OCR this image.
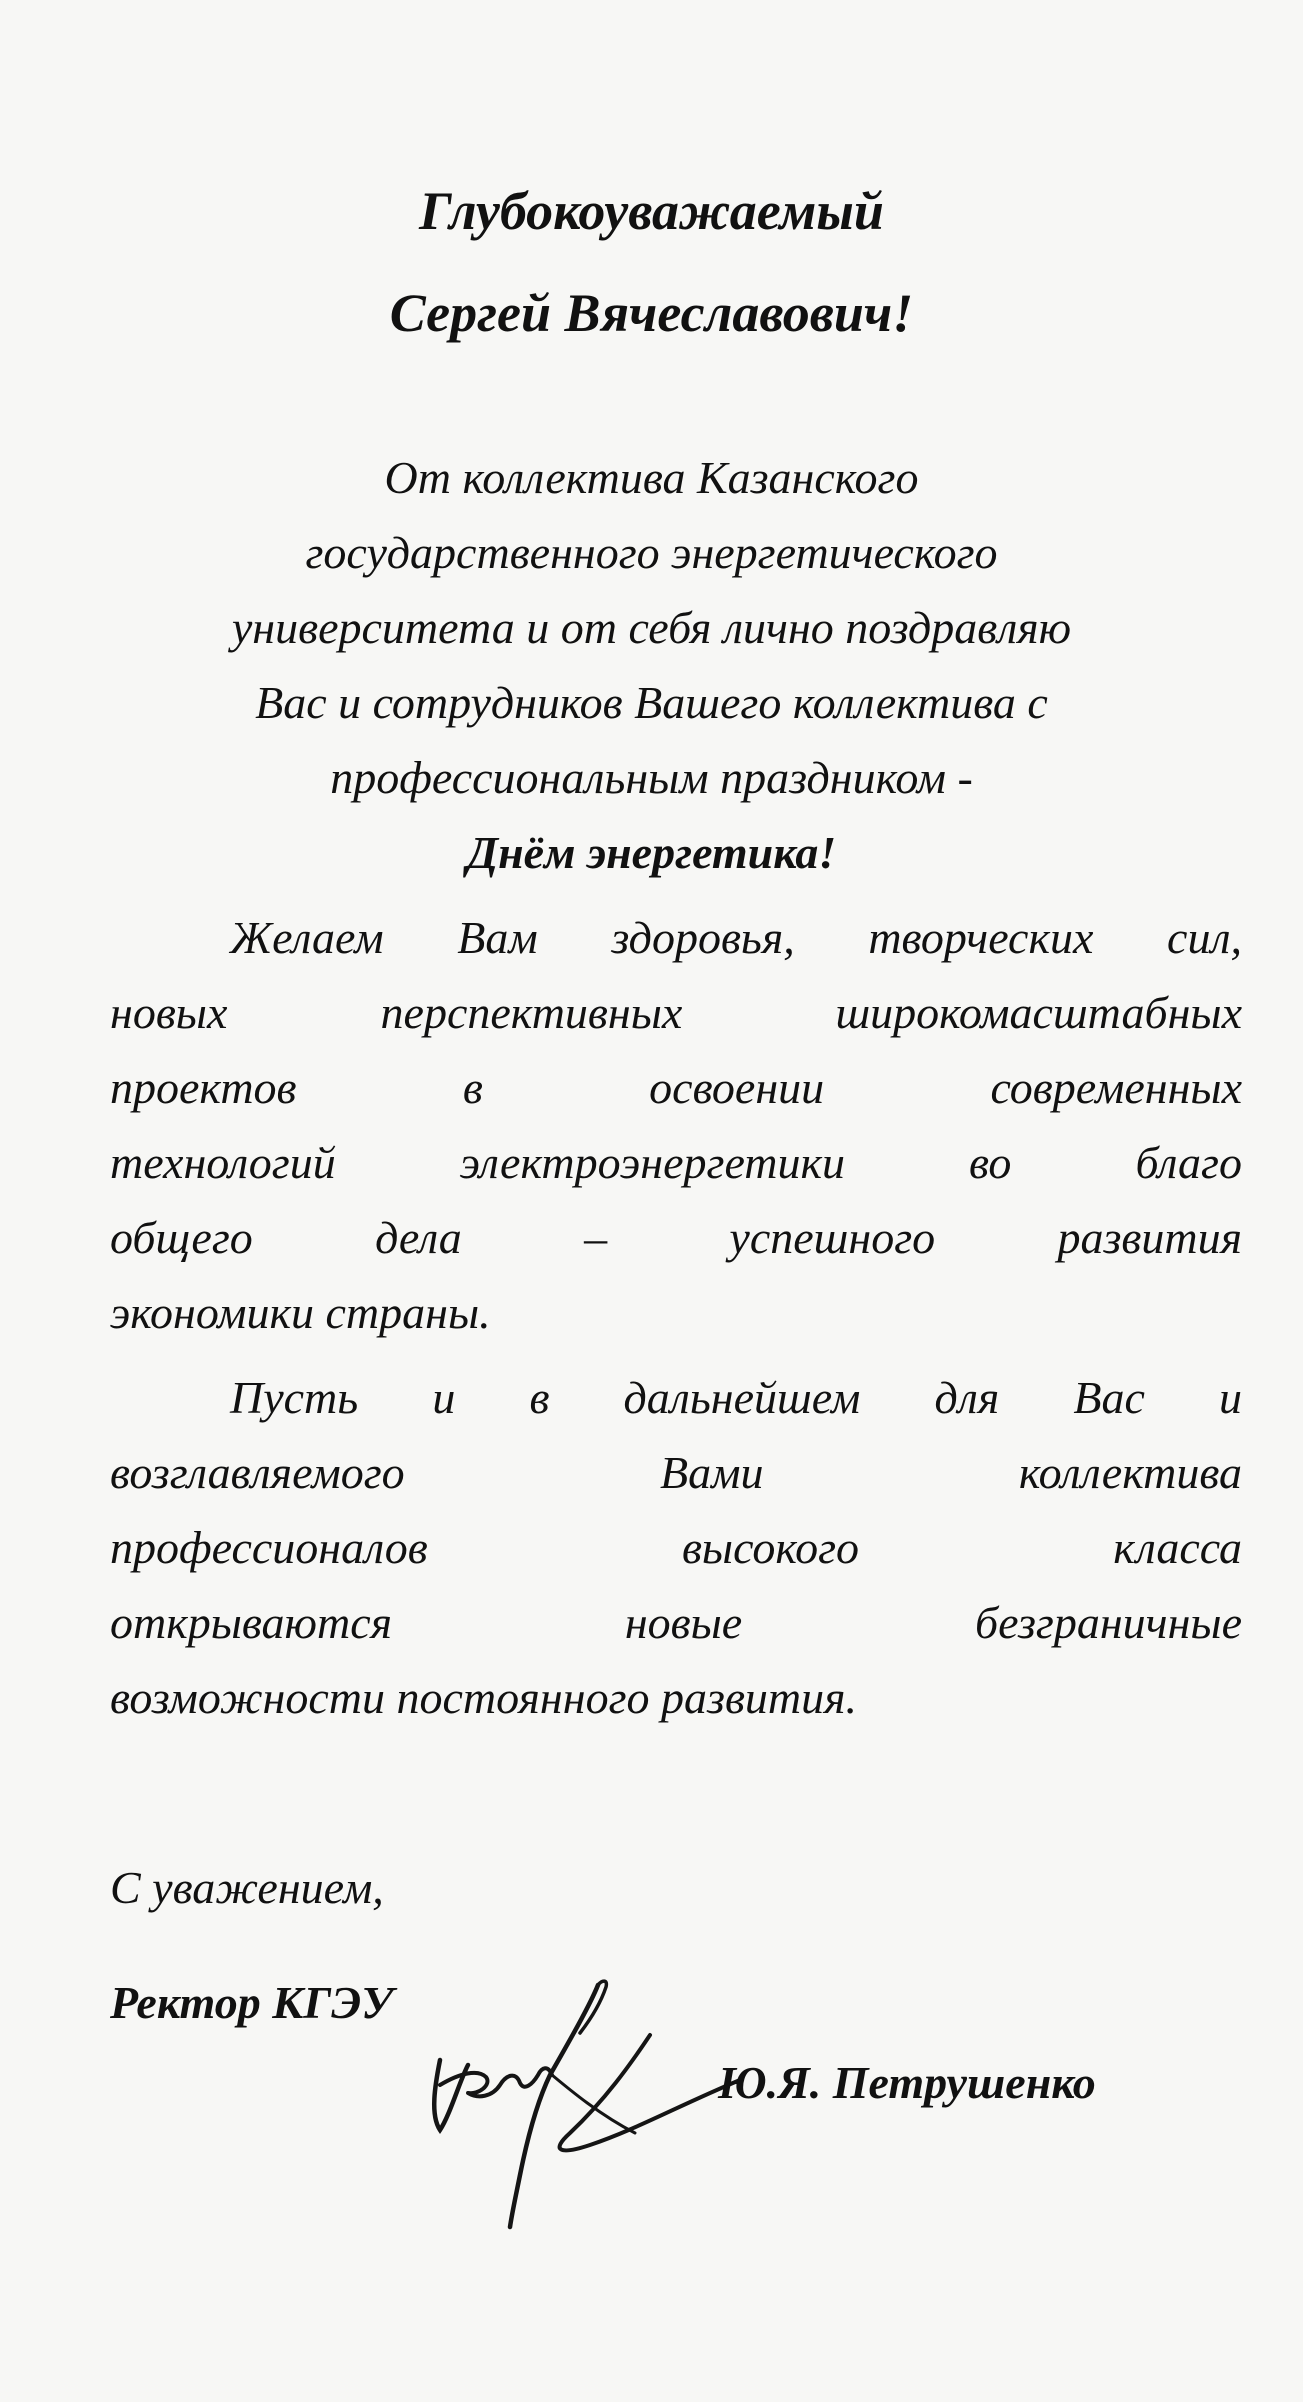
Глубокоуважаемый
Сергей Вячеславович!
От коллектива Казанского
государственного энергетического
университета и от себя лично поздравляю
Вас и сотрудников Вашего коллектива с
профессиональным праздником -
Днём энергетика!
Желаем Вам здоровья, творческих сил,
новых перспективных широкомасштабных
проектов в освоении современных
технологий электроэнергетики во благо
общего дела – успешного развития
экономики страны.
Пусть и в дальнейшем для Вас и
возглавляемого Вами коллектива
профессионалов высокого класса
открываются новые безграничные
возможности постоянного развития.
С уважением,
Ректор КГЭУ
Ю.Я. Петрушенко
